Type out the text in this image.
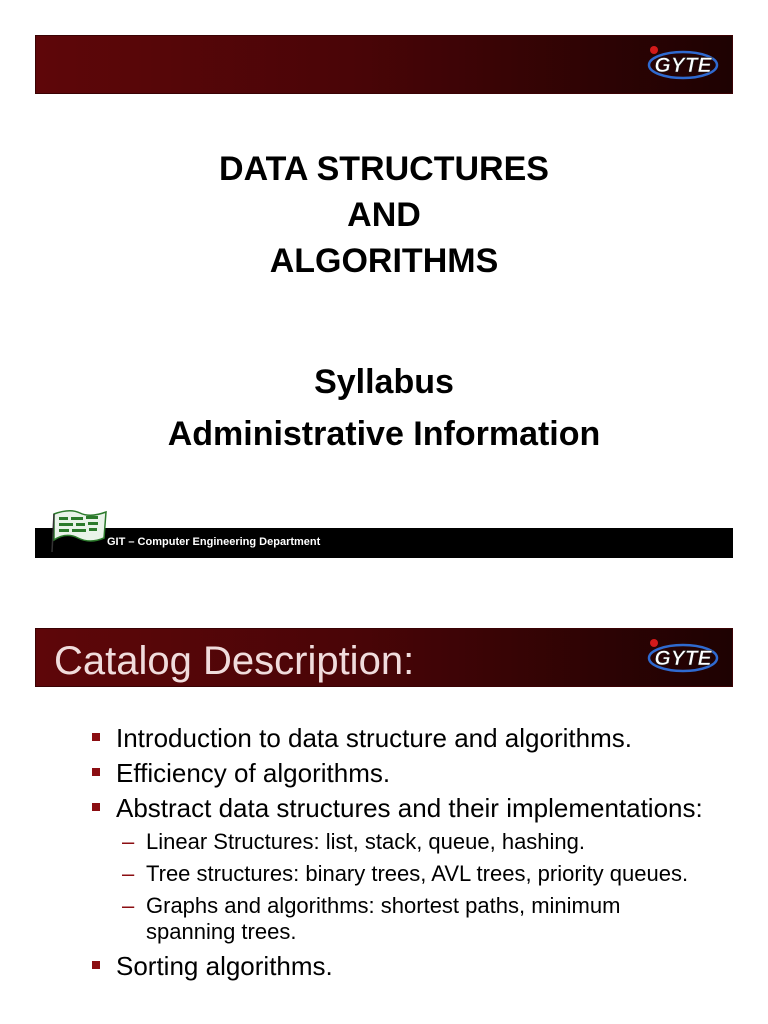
GYTE
DATA STRUCTURES
AND
ALGORITHMS
Syllabus
Administrative Information
GIT – Computer Engineering Department
Catalog Description:	GYTE
Introduction to data structure and algorithms.
Efficiency of algorithms.
Abstract data structures and their implementations:
– Linear Structures: list, stack, queue, hashing.
– Tree structures: binary trees, AVL trees, priority queues.
– Graphs and algorithms: shortest paths, minimum spanning trees.
Sorting algorithms.
